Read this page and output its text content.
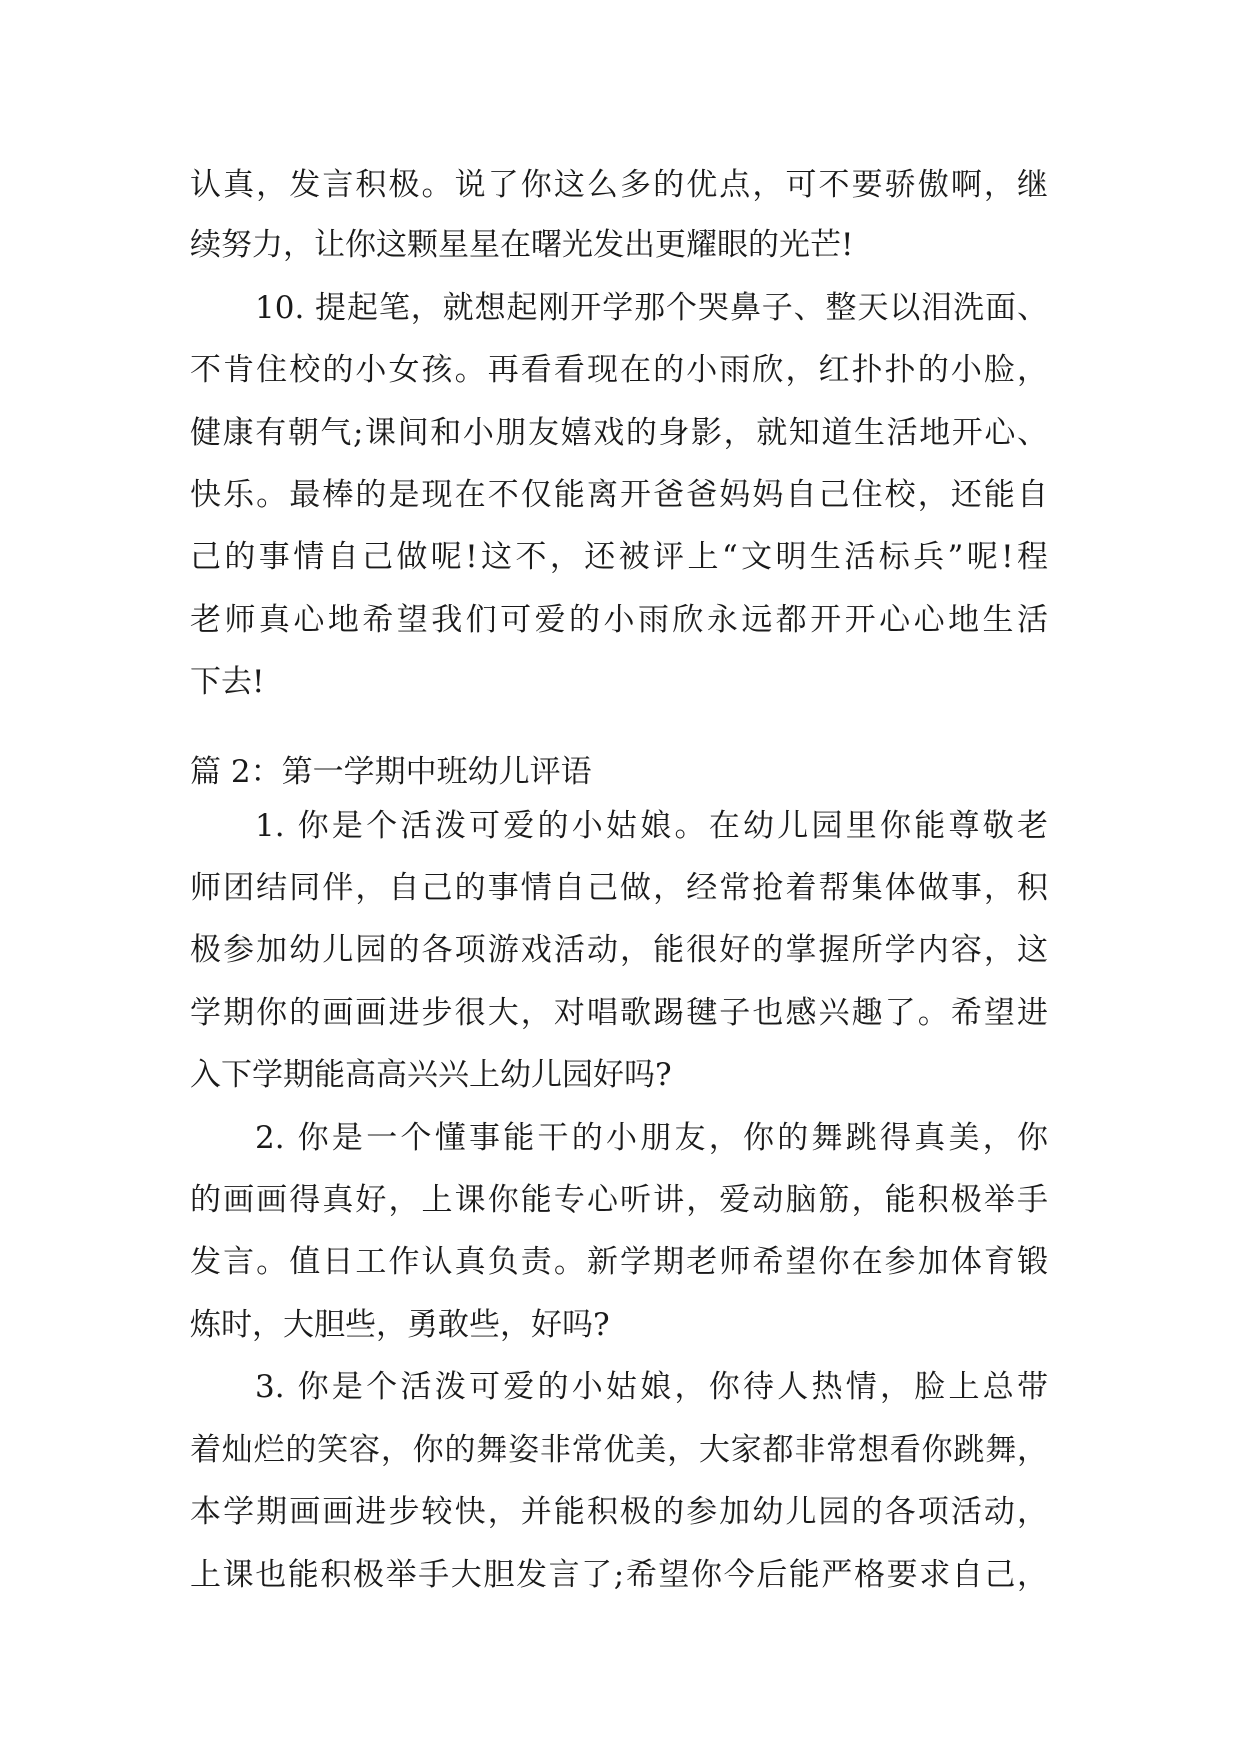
认真，发言积极。说了你这么多的优点，可不要骄傲啊，继
续努力，让你这颗星星在曙光发出更耀眼的光芒!
10. 提起笔，就想起刚开学那个哭鼻子、整天以泪洗面、
不肯住校的小女孩。再看看现在的小雨欣，红扑扑的小脸，
健康有朝气;课间和小朋友嬉戏的身影，就知道生活地开心、
快乐。最棒的是现在不仅能离开爸爸妈妈自己住校，还能自
己的事情自己做呢!这不，还被评上“文明生活标兵”呢!程
老师真心地希望我们可爱的小雨欣永远都开开心心地生活
下去!
篇 2：第一学期中班幼儿评语
1. 你是个活泼可爱的小姑娘。在幼儿园里你能尊敬老
师团结同伴，自己的事情自己做，经常抢着帮集体做事，积
极参加幼儿园的各项游戏活动，能很好的掌握所学内容，这
学期你的画画进步很大，对唱歌踢毽子也感兴趣了。希望进
入下学期能高高兴兴上幼儿园好吗?
2. 你是一个懂事能干的小朋友，你的舞跳得真美，你
的画画得真好，上课你能专心听讲，爱动脑筋，能积极举手
发言。值日工作认真负责。新学期老师希望你在参加体育锻
炼时，大胆些，勇敢些，好吗?
3. 你是个活泼可爱的小姑娘，你待人热情，脸上总带
着灿烂的笑容，你的舞姿非常优美，大家都非常想看你跳舞，
本学期画画进步较快，并能积极的参加幼儿园的各项活动，
上课也能积极举手大胆发言了;希望你今后能严格要求自己，
